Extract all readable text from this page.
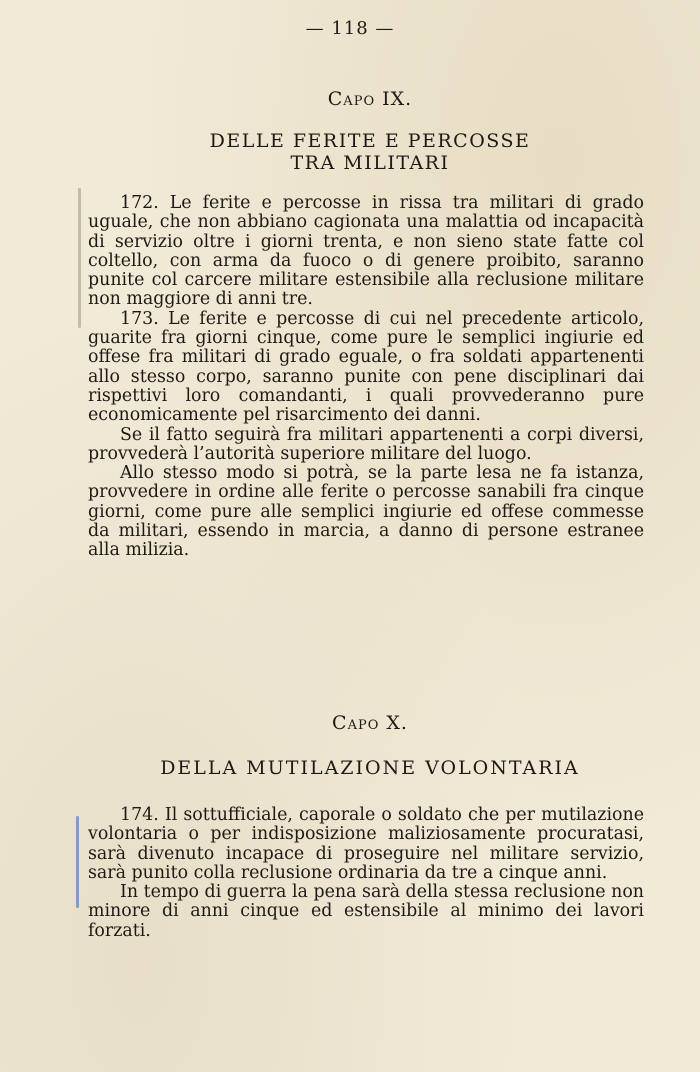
— 118 —
Capo IX.
DELLE FERITE E PERCOSSE
TRA MILITARI

172. Le ferite e percosse in rissa tra militari di grado uguale, che non abbiano cagionata una malattia od incapacità di servizio oltre i giorni trenta, e non sieno state fatte col coltello, con arma da fuoco o di genere proibito, saranno punite col carcere militare estensibile alla reclusione militare non maggiore di anni tre.

173. Le ferite e percosse di cui nel precedente articolo, guarite fra giorni cinque, come pure le semplici ingiurie ed offese fra militari di grado eguale, o fra soldati appartenenti allo stesso corpo, saranno punite con pene disciplinari dai rispettivi loro comandanti, i quali provvederanno pure economicamente pel risarcimento dei danni.

Se il fatto seguirà fra militari appartenenti a corpi diversi, provvederà l’autorità superiore militare del luogo.

Allo stesso modo si potrà, se la parte lesa ne fa istanza, provvedere in ordine alle ferite o percosse sanabili fra cinque giorni, come pure alle semplici ingiurie ed offese commesse da militari, essendo in marcia, a danno di persone estranee alla milizia.

Capo X.
DELLA MUTILAZIONE VOLONTARIA

174. Il sottufficiale, caporale o soldato che per mutilazione volontaria o per indisposizione maliziosamente procuratasi, sarà divenuto incapace di proseguire nel militare servizio, sarà punito colla reclusione ordinaria da tre a cinque anni.

In tempo di guerra la pena sarà della stessa reclusione non minore di anni cinque ed estensibile al minimo dei lavori forzati.
